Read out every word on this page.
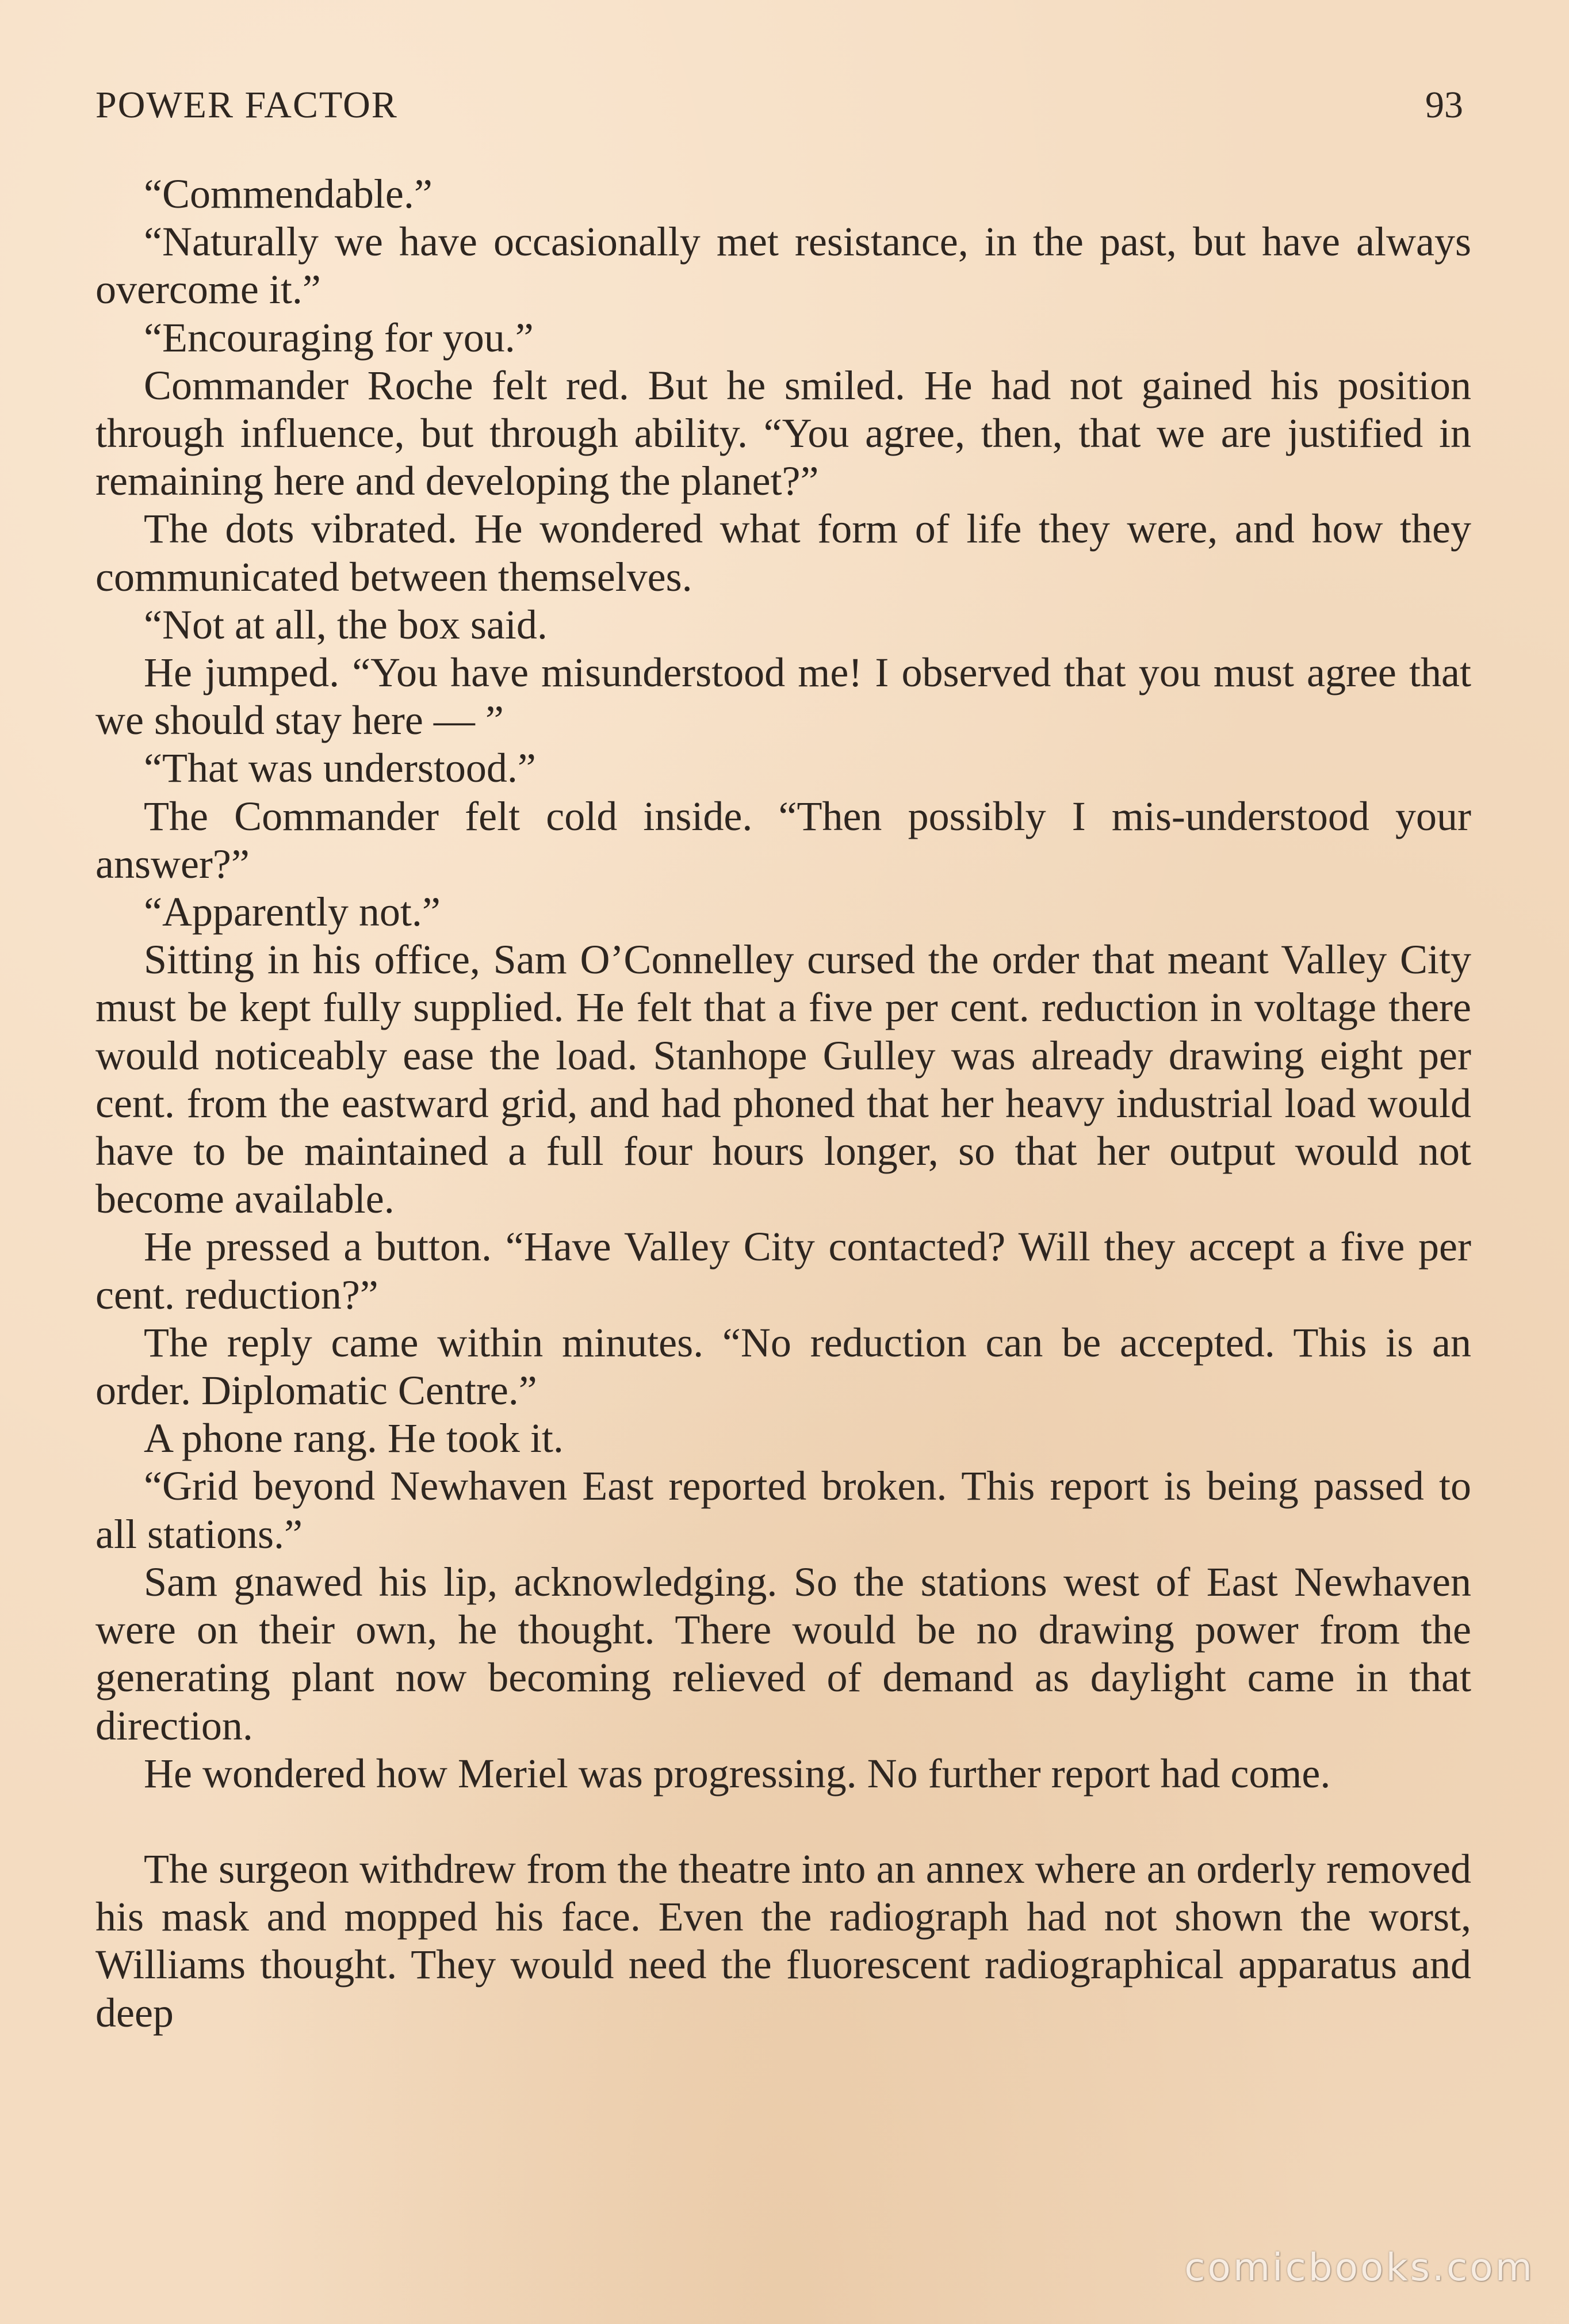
POWER FACTOR	93

“Commendable.”

“Naturally we have occasionally met resistance, in the past, but have always overcome it.”

“Encouraging for you.”

Commander Roche felt red. But he smiled. He had not gained his position through influence, but through ability. “You agree, then, that we are justified in remaining here and developing the planet?”

The dots vibrated. He wondered what form of life they were, and how they communicated between themselves.

“Not at all, the box said.

He jumped. “You have misunderstood me! I observed that you must agree that we should stay here — ”

“That was understood.”

The Commander felt cold inside. “Then possibly I mis-understood your answer?”

“Apparently not.”

Sitting in his office, Sam O’Connelley cursed the order that meant Valley City must be kept fully supplied. He felt that a five per cent. reduction in voltage there would noticeably ease the load. Stanhope Gulley was already drawing eight per cent. from the eastward grid, and had phoned that her heavy industrial load would have to be maintained a full four hours longer, so that her output would not become available.

He pressed a button. “Have Valley City contacted? Will they accept a five per cent. reduction?”

The reply came within minutes. “No reduction can be accepted. This is an order. Diplomatic Centre.”

A phone rang. He took it.

“Grid beyond Newhaven East reported broken. This report is being passed to all stations.”

Sam gnawed his lip, acknowledging. So the stations west of East Newhaven were on their own, he thought. There would be no drawing power from the generating plant now becoming relieved of demand as daylight came in that direction.

He wondered how Meriel was progressing. No further report had come.

The surgeon withdrew from the theatre into an annex where an orderly removed his mask and mopped his face. Even the radiograph had not shown the worst, Williams thought. They would need the fluorescent radiographical apparatus and deep

comicbooks.com
